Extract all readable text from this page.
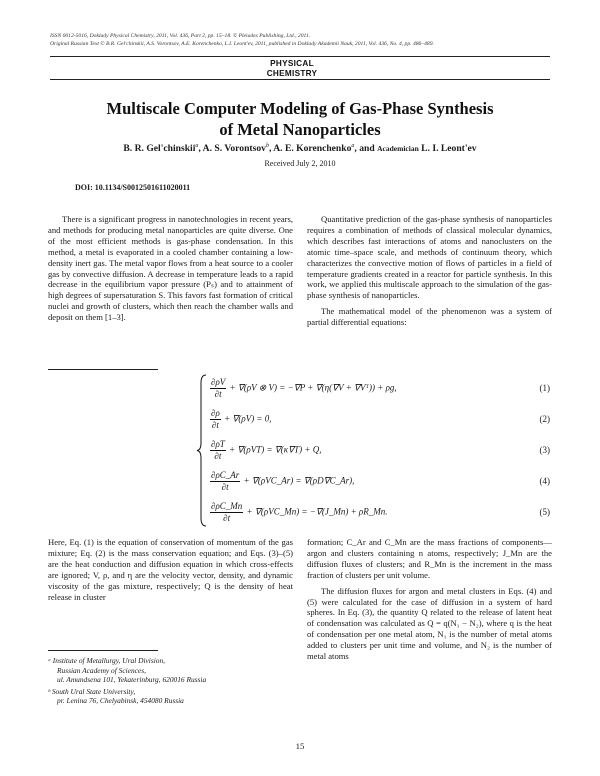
ISSN 0012-5016, Doklady Physical Chemistry, 2011, Vol. 436, Part 2, pp. 15–18. © Pleiades Publishing, Ltd., 2011.
Original Russian Text © B.R. Gel'chinskii, A.S. Vorontsov, A.E. Korenchenko, L.I. Leont'ev, 2011, published in Doklady Akademii Nauk, 2011, Vol. 436, No. 4, pp. 486–489.
PHYSICAL
CHEMISTRY
Multiscale Computer Modeling of Gas-Phase Synthesis
of Metal Nanoparticles
B. R. Gel'chinskii$^a$, A. S. Vorontsov$^b$, A. E. Korenchenko$^a$, and Academician L. I. Leont'ev
Received July 2, 2010
DOI: 10.1134/S0012501611020011

There is a significant progress in nanotechnologies in recent years, and methods for producing metal nanoparticles are quite diverse. One of the most efficient methods is gas-phase condensation. In this method, a metal is evaporated in a cooled chamber containing a low-density inert gas. The metal vapor flows from a heat source to a cooler gas by convective diffusion. A decrease in temperature leads to a rapid decrease in the equilibrium vapor pressure (Pₛ) and to attainment of high degrees of supersaturation S. This favors fast formation of critical nuclei and growth of clusters, which then reach the chamber walls and deposit on them [1–3].

Quantitative prediction of the gas-phase synthesis of nanoparticles requires a combination of methods of classical molecular dynamics, which describes fast interactions of atoms and nanoclusters on the atomic time–space scale, and methods of continuum theory, which characterizes the convective motion of flows of particles in a field of temperature gradients created in a reactor for particle synthesis. In this work, we applied this multiscale approach to the simulation of the gas-phase synthesis of nanoparticles.

The mathematical model of the phenomenon was a system of partial differential equations:

$\frac{\partial\rho V}{\partial t} + \nabla(\rho V$ ⊗ V) = −∇P + ∇(η(∇V + ∇Vᵀ)) + ρg,	(1)
$\frac{\partial\rho}{\partial t} + \nabla(\rho V) = 0$,	(2)
$\frac{\partial\rho T}{\partial t} + \nabla(\rho VT) = \nabla(\kappa\nabla T) + Q$,	(3)
$\frac{\partial\rho C\_Ar}{\partial t}$ + ∇(ρVC_Ar) = ∇(ρD∇C_Ar),	(4)
$\frac{\partial\rho C\_Mn}{\partial t}$ + ∇(ρVC_Mn) = −∇(J_Mn) + ρR_Mn.	(5)

Here, Eq. (1) is the equation of conservation of momentum of the gas mixture; Eq. (2) is the mass conservation equation; and Eqs. (3)–(5) are the heat conduction and diffusion equation in which cross-effects are ignored; V, ρ, and η are the velocity vector, density, and dynamic viscosity of the gas mixture, respectively; Q is the density of heat release in cluster

formation; C_Ar and C_Mn are the mass fractions of components—argon and clusters containing n atoms, respectively; J_Mn are the diffusion fluxes of clusters; and R_Mn is the increment in the mass fraction of clusters per unit volume.

The diffusion fluxes for argon and metal clusters in Eqs. (4) and (5) were calculated for the case of diffusion in a system of hard spheres. In Eq. (3), the quantity Q related to the release of latent heat of condensation was calculated as Q = q(N₁ − N₂), where q is the heat of condensation per one metal atom, N₁ is the number of metal atoms added to clusters per unit time and volume, and N₂ is the number of metal atoms

ᵃ Institute of Metallurgy, Ural Division,
Russian Academy of Sciences,
ul. Amundsena 101, Yekaterinburg, 620016 Russia
ᵇ South Ural State University,
pr. Lenina 76, Chelyabinsk, 454080 Russia
15
